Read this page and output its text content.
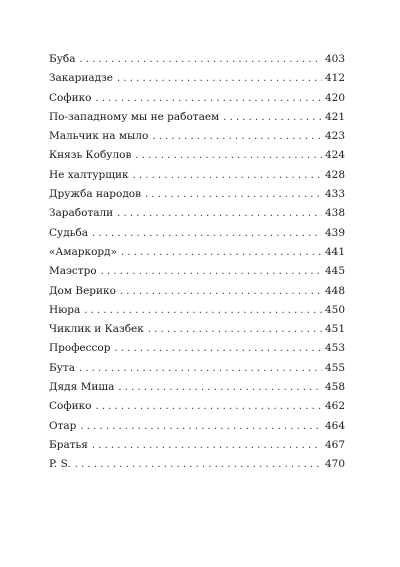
Буба . . .	403
Закариадзе . . .	412
Софико . . .	420
По-западному мы не работаем . . .	421
Мальчик на мыло . . .	423
Князь Кобулов . . .	424
Не халтурщик . . .	428
Дружба народов . . .	433
Заработали . . .	438
Судьба . . .	439
«Амаркорд» . . .	441
Маэстро . . .	445
Дом Верико . . .	448
Нюра . . .	450
Чиклик и Казбек . . .	451
Профессор . . .	453
Бута . . .	455
Дядя Миша . . .	458
Софико . . .	462
Отар . . .	464
Братья . . .	467
P. S. . . .	470
